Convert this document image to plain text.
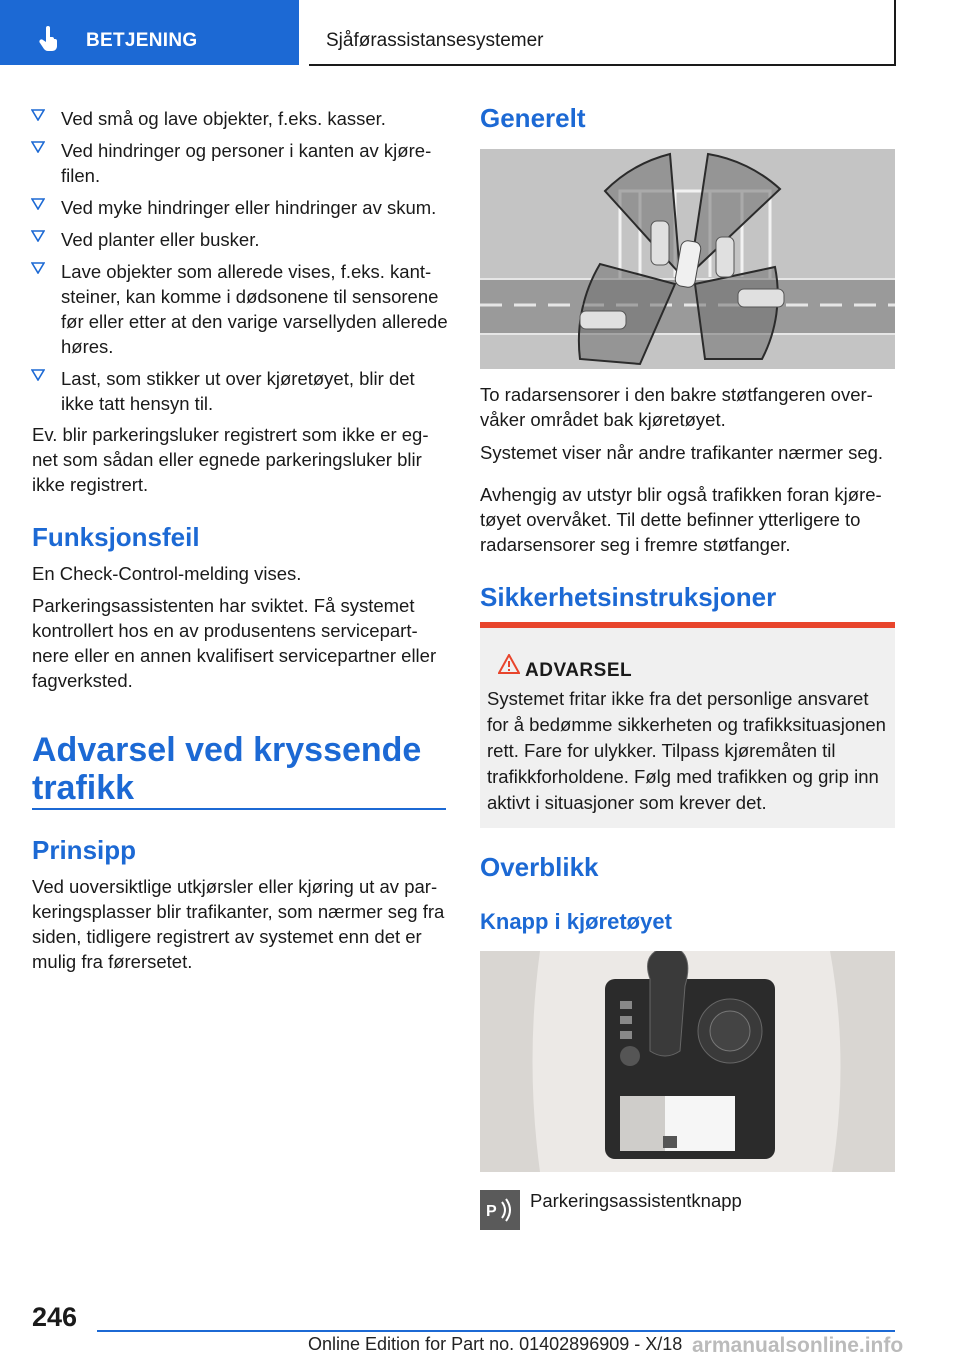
BETJENING	Sjåførassistansesystemer
Ved små og lave objekter, f.eks. kasser.
Ved hindringer og personer i kanten av kjørefilen.
Ved myke hindringer eller hindringer av skum.
Ved planter eller busker.
Lave objekter som allerede vises, f.eks. kantsteiner, kan komme i dødsonene til sensorene før eller etter at den varige varsellyden allerede høres.
Last, som stikker ut over kjøretøyet, blir det ikke tatt hensyn til.

Ev. blir parkeringsluker registrert som ikke er egnet som sådan eller egnede parkeringsluker blir ikke registrert.

Funksjonsfeil

En Check-Control-melding vises.

Parkeringsassistenten har sviktet. Få systemet kontrollert hos en av produsentens servicepartnere eller en annen kvalifisert servicepartner eller fagverksted.

Advarsel ved kryssende trafikk
Prinsipp

Ved uoversiktlige utkjørsler eller kjøring ut av parkeringsplasser blir trafikanter, som nærmer seg fra siden, tidligere registrert av systemet enn det er mulig fra førersetet.

Generelt

To radarsensorer i den bakre støtfangeren overvåker området bak kjøretøyet.

Systemet viser når andre trafikanter nærmer seg.

Avhengig av utstyr blir også trafikken foran kjøretøyet overvåket. Til dette befinner ytterligere to radarsensorer seg i fremre støtfanger.

Sikkerhetsinstruksjoner
ADVARSEL
Systemet fritar ikke fra det personlige ansvaret for å bedømme sikkerheten og trafikksituasjonen rett. Fare for ulykker. Tilpass kjøremåten til trafikkforholdene. Følg med trafikken og grip inn aktivt i situasjoner som krever det.
Overblikk
Knapp i kjøretøyet
P
Parkeringsassistentknapp
246
Online Edition for Part no. 01402896909 - X/18 armanualsonline.info
